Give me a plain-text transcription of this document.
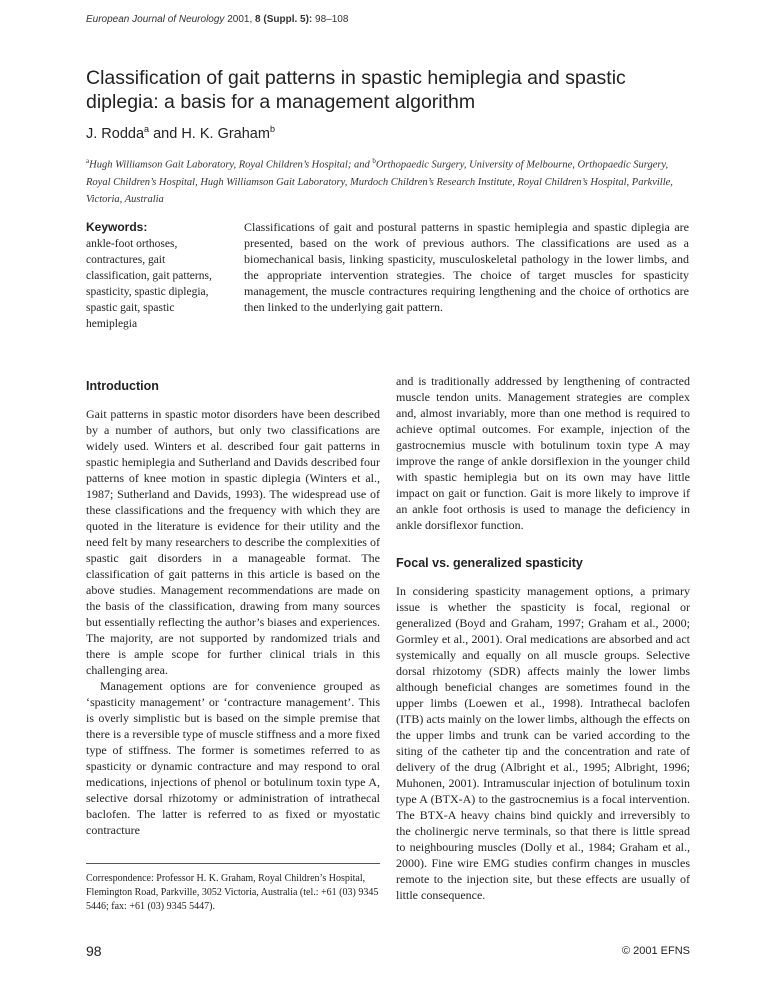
European Journal of Neurology 2001, 8 (Suppl. 5): 98–108
Classification of gait patterns in spastic hemiplegia and spastic diplegia: a basis for a management algorithm
J. Rodda$^a$ and H. K. Graham$^b$
$^a$Hugh Williamson Gait Laboratory, Royal Children’s Hospital; and $^b$Orthopaedic Surgery, University of Melbourne, Orthopaedic Surgery, Royal Children’s Hospital, Hugh Williamson Gait Laboratory, Murdoch Children’s Research Institute, Royal Children’s Hospital, Parkville, Victoria, Australia
Keywords:
ankle-foot orthoses, contractures, gait classification, gait patterns, spasticity, spastic diplegia, spastic gait, spastic hemiplegia
Classifications of gait and postural patterns in spastic hemiplegia and spastic diplegia are presented, based on the work of previous authors. The classifications are used as a biomechanical basis, linking spasticity, musculoskeletal pathology in the lower limbs, and the appropriate intervention strategies. The choice of target muscles for spasticity management, the muscle contractures requiring lengthening and the choice of orthotics are then linked to the underlying gait pattern.
Introduction

Gait patterns in spastic motor disorders have been described by a number of authors, but only two classifications are widely used. Winters et al. described four gait patterns in spastic hemiplegia and Sutherland and Davids described four patterns of knee motion in spastic diplegia (Winters et al., 1987; Sutherland and Davids, 1993). The widespread use of these classifications and the frequency with which they are quoted in the literature is evidence for their utility and the need felt by many researchers to describe the complexities of spastic gait disorders in a manageable format. The classification of gait patterns in this article is based on the above studies. Management recommendations are made on the basis of the classification, drawing from many sources but essentially reflecting the author’s biases and experiences. The majority, are not supported by randomized trials and there is ample scope for further clinical trials in this challenging area.

Management options are for convenience grouped as ‘spasticity management’ or ‘contracture management’. This is overly simplistic but is based on the simple premise that there is a reversible type of muscle stiffness and a more fixed type of stiffness. The former is sometimes referred to as spasticity or dynamic contracture and may respond to oral medications, injections of phenol or botulinum toxin type A, selective dorsal rhizotomy or administration of intrathecal baclofen. The latter is referred to as fixed or myostatic contracture

Correspondence: Professor H. K. Graham, Royal Children’s Hospital, Flemington Road, Parkville, 3052 Victoria, Australia (tel.: +61 (03) 9345 5446; fax: +61 (03) 9345 5447).

and is traditionally addressed by lengthening of contracted muscle tendon units. Management strategies are complex and, almost invariably, more than one method is required to achieve optimal outcomes. For example, injection of the gastrocnemius muscle with botulinum toxin type A may improve the range of ankle dorsiflexion in the younger child with spastic hemiplegia but on its own may have little impact on gait or function. Gait is more likely to improve if an ankle foot orthosis is used to manage the deficiency in ankle dorsiflexor function.

Focal vs. generalized spasticity

In considering spasticity management options, a primary issue is whether the spasticity is focal, regional or generalized (Boyd and Graham, 1997; Graham et al., 2000; Gormley et al., 2001). Oral medications are absorbed and act systemically and equally on all muscle groups. Selective dorsal rhizotomy (SDR) affects mainly the lower limbs although beneficial changes are sometimes found in the upper limbs (Loewen et al., 1998). Intrathecal baclofen (ITB) acts mainly on the lower limbs, although the effects on the upper limbs and trunk can be varied according to the siting of the catheter tip and the concentration and rate of delivery of the drug (Albright et al., 1995; Albright, 1996; Muhonen, 2001). Intramuscular injection of botulinum toxin type A (BTX-A) to the gastrocnemius is a focal intervention. The BTX-A heavy chains bind quickly and irreversibly to the cholinergic nerve terminals, so that there is little spread to neighbouring muscles (Dolly et al., 1984; Graham et al., 2000). Fine wire EMG studies confirm changes in muscles remote to the injection site, but these effects are usually of little consequence.

98	© 2001 EFNS
